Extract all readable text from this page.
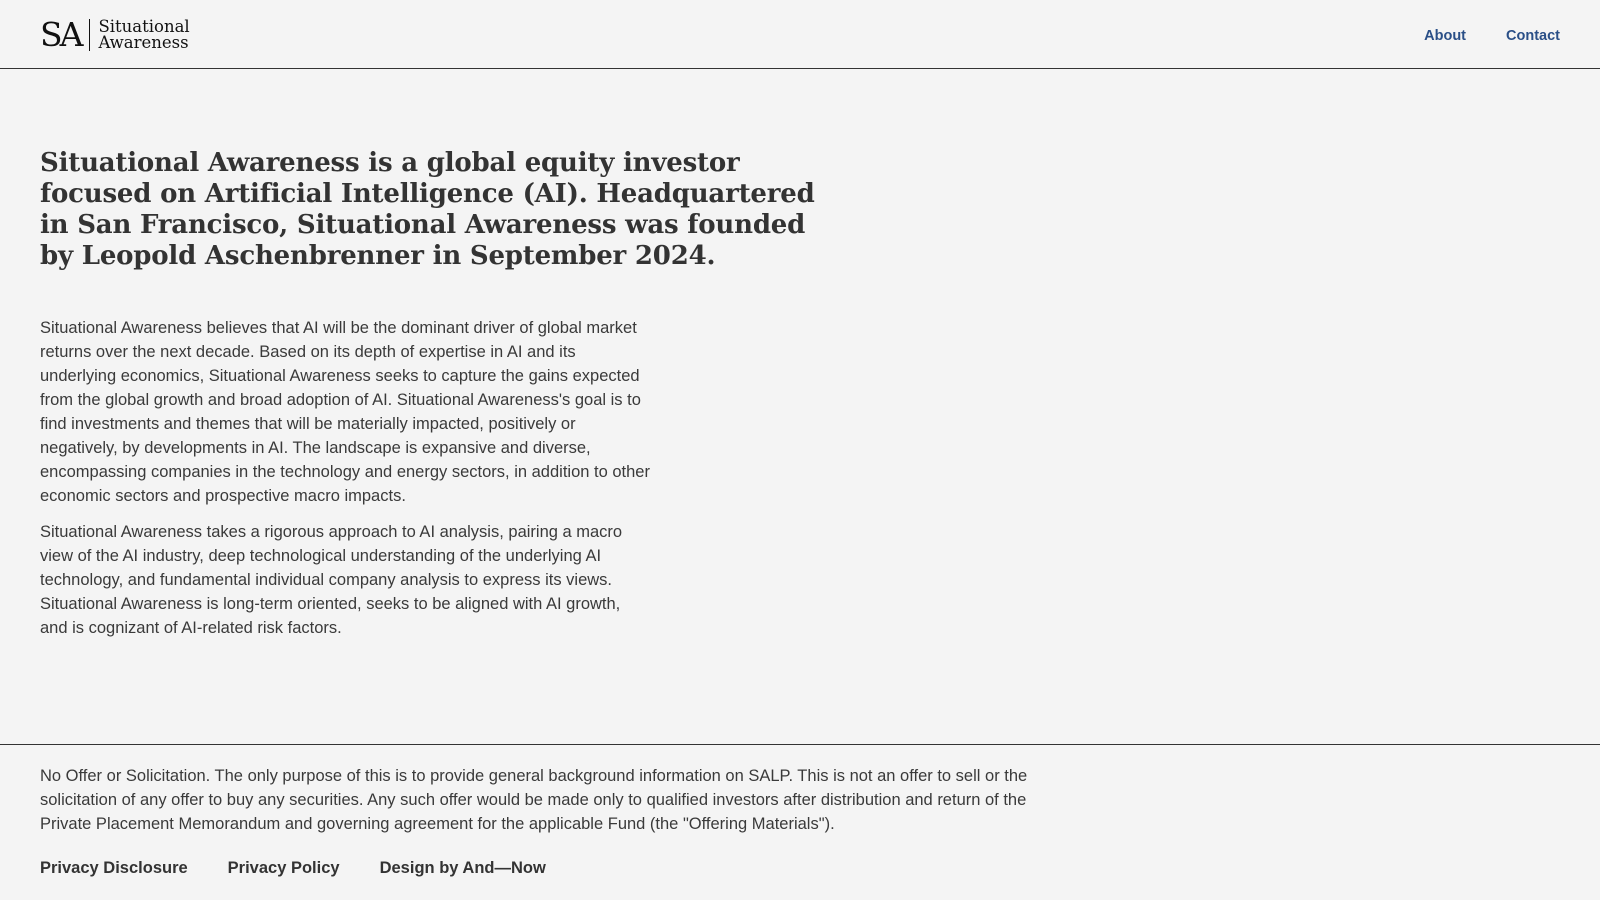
SA Situational
Awareness	About	Contact
Situational Awareness is a global equity investor focused on Artificial Intelligence (AI). Headquartered in San Francisco, Situational Awareness was founded by Leopold Aschenbrenner in September 2024.

Situational Awareness believes that AI will be the dominant driver of global market returns over the next decade. Based on its depth of expertise in AI and its underlying economics, Situational Awareness seeks to capture the gains expected from the global growth and broad adoption of AI. Situational Awareness's goal is to find investments and themes that will be materially impacted, positively or negatively, by developments in AI. The landscape is expansive and diverse, encompassing companies in the technology and energy sectors, in addition to other economic sectors and prospective macro impacts.

Situational Awareness takes a rigorous approach to AI analysis, pairing a macro view of the AI industry, deep technological understanding of the underlying AI technology, and fundamental individual company analysis to express its views. Situational Awareness is long-term oriented, seeks to be aligned with AI growth, and is cognizant of AI-related risk factors.

No Offer or Solicitation. The only purpose of this is to provide general background information on SALP. This is not an offer to sell or the solicitation of any offer to buy any securities. Any such offer would be made only to qualified investors after distribution and return of the Private Placement Memorandum and governing agreement for the applicable Fund (the "Offering Materials").

Privacy Disclosure Privacy Policy Design by And—Now
